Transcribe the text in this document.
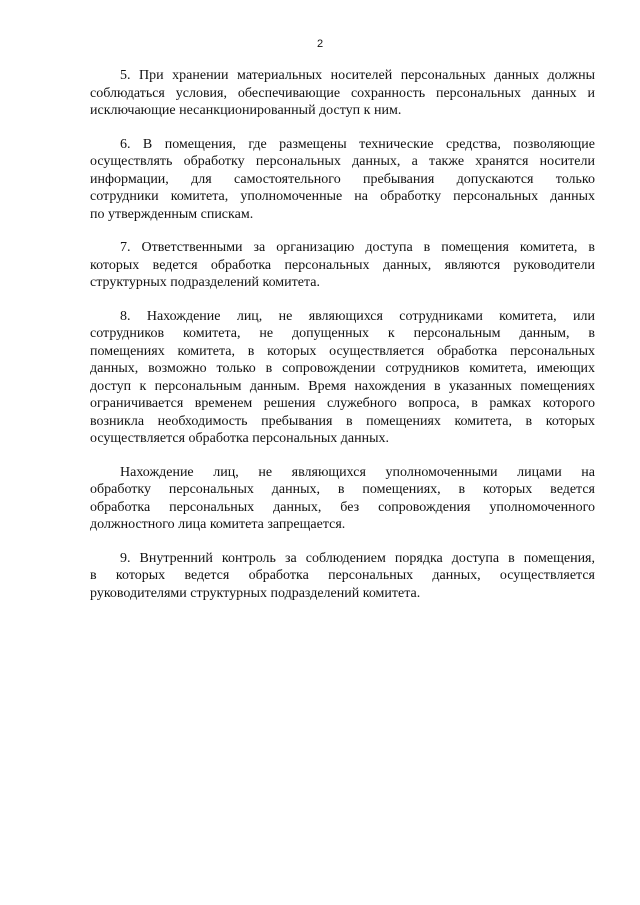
2

5. При хранении материальных носителей персональных данных должны
соблюдаться условия, обеспечивающие сохранность персональных данных и
исключающие несанкционированный доступ к ним.

6. В помещения, где размещены технические средства, позволяющие
осуществлять обработку персональных данных, а также хранятся носители
информации, для самостоятельного пребывания допускаются только
сотрудники комитета, уполномоченные на обработку персональных данных
по утвержденным спискам.

7. Ответственными за организацию доступа в помещения комитета, в
которых ведется обработка персональных данных, являются руководители
структурных подразделений комитета.

8. Нахождение лиц, не являющихся сотрудниками комитета, или
сотрудников комитета, не допущенных к персональным данным, в
помещениях комитета, в которых осуществляется обработка персональных
данных, возможно только в сопровождении сотрудников комитета, имеющих
доступ к персональным данным. Время нахождения в указанных помещениях
ограничивается временем решения служебного вопроса, в рамках которого
возникла необходимость пребывания в помещениях комитета, в которых
осуществляется обработка персональных данных.

Нахождение лиц, не являющихся уполномоченными лицами на
обработку персональных данных, в помещениях, в которых ведется
обработка персональных данных, без сопровождения уполномоченного
должностного лица комитета запрещается.

9. Внутренний контроль за соблюдением порядка доступа в помещения,
в которых ведется обработка персональных данных, осуществляется
руководителями структурных подразделений комитета.
